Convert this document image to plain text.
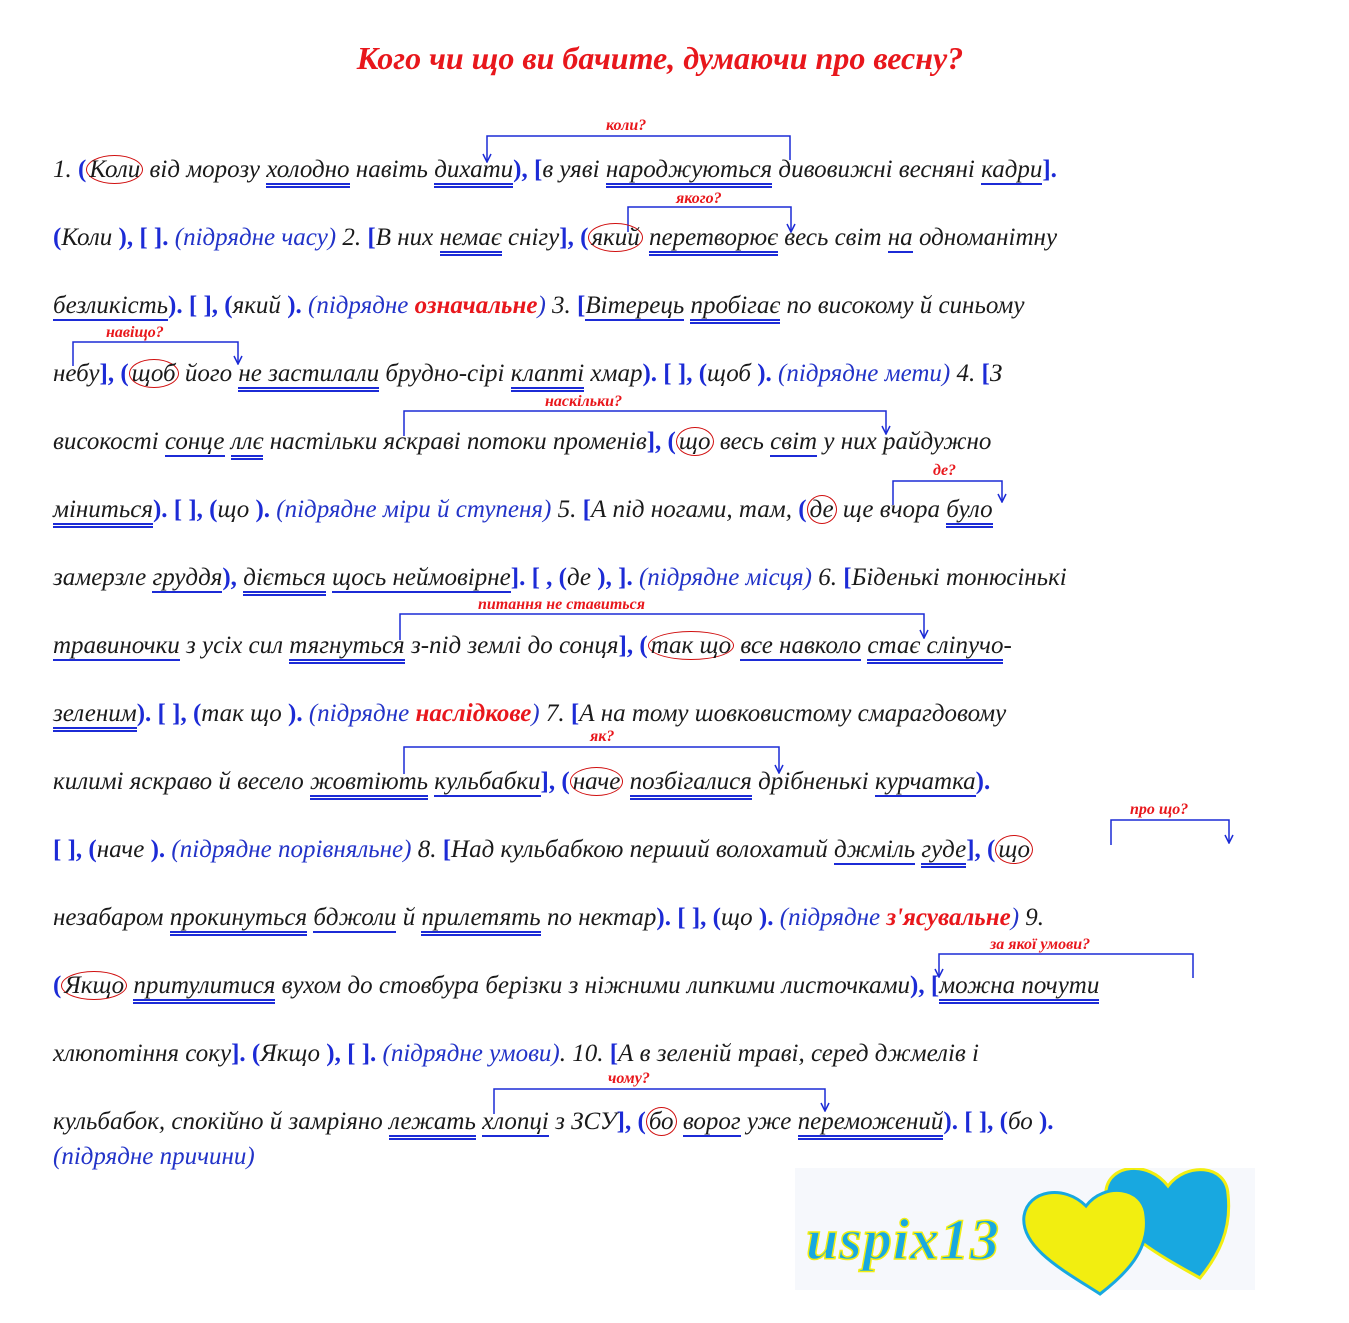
Кого чи що ви бачите, думаючи про весну?
коли?
якого?
навіщо?
наскільки?
де?
питання не ставиться
як?
про що?
за якої умови?
чому?
1. ( Коли від морозу холодно навіть дихати), [в уяві народжуються дивовижні весняні кадри].
(Коли ), [ ]. (підрядне часу) 2. [В них немає снігу], ( який перетворює весь світ на одноманітну
безликість). [ ], (який ). (підрядне означальне) 3. [Вітерець пробігає по високому й синьому
небу], ( щоб його не застилали брудно-сірі клапті хмар). [ ], (щоб ). (підрядне мети) 4. [З
високості сонце ллє настільки яскраві потоки променів], ( що весь світ у них райдужно
міниться). [ ], (що ). (підрядне міри й ступеня) 5. [А під ногами, там, ( де ще вчора було
замерзле груддя), діється щось неймовірне]. [ , (де ), ]. (підрядне місця) 6. [Біденькі тонюсінькі
травиночки з усіх сил тягнуться з-під землі до сонця], ( так що все навколо стає сліпучо-
зеленим). [ ], (так що ). (підрядне наслідкове) 7. [А на тому шовковистому смарагдовому
килимі яскраво й весело жовтіють кульбабки], ( наче позбігалися дрібненькі курчатка).
[ ], (наче ). (підрядне порівняльне) 8. [Над кульбабкою перший волохатий джміль гуде], ( що
незабаром прокинуться бджоли й прилетять по нектар). [ ], (що ). (підрядне з'ясувальне) 9.
( Якщо притулитися вухом до стовбура берізки з ніжними липкими листочками), [можна почути
хлюпотіння соку]. (Якщо ), [ ]. (підрядне умови). 10. [А в зеленій траві, серед джмелів і
кульбабок, спокійно й замріяно лежать хлопці з ЗСУ], ( бо ворог уже переможений). [ ], (бо ).
(підрядне причини)
uspix13
